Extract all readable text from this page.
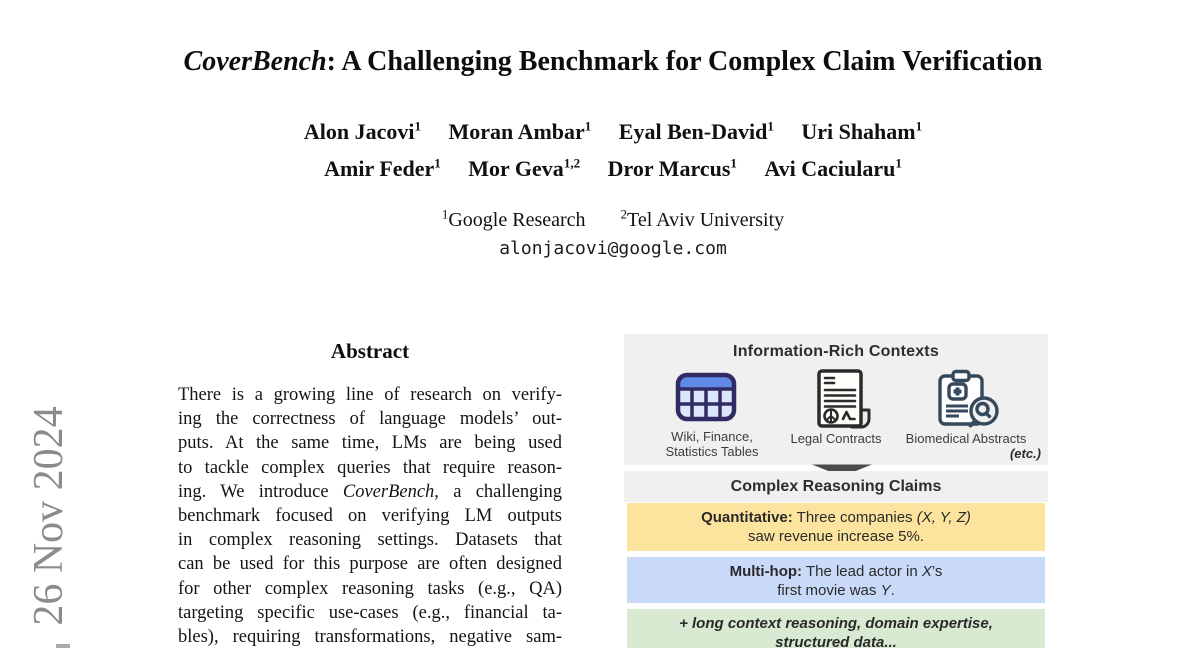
26 Nov 2024
CoverBench: A Challenging Benchmark for Complex Claim Verification
Alon Jacovi$^1$ Moran Ambar$^1$ Eyal Ben-David$^1$ Uri Shaham$^1$
Amir Feder$^1$ Mor Geva$^{1,2}$ Dror Marcus$^1$ Avi Caciularu$^1$
$^1$Google Research	$^2$Tel Aviv University
alonjacovi@google.com
Abstract
There is a growing line of research on verify-
ing the correctness of language models’ out-
puts. At the same time, LMs are being used
to tackle complex queries that require reason-
ing. We introduce CoverBench, a challenging
benchmark focused on verifying LM outputs
in complex reasoning settings. Datasets that
can be used for this purpose are often designed
for other complex reasoning tasks (e.g., QA)
targeting specific use-cases (e.g., financial ta-
bles), requiring transformations, negative sam-
Information-Rich Contexts
Wiki, Finance,
Statistics Tables
Legal Contracts	Biomedical Abstracts
(etc.)
Complex Reasoning Claims
Quantitative: Three companies (X, Y, Z)
saw revenue increase 5%.
Multi-hop: The lead actor in X’s
first movie was Y.
+ long context reasoning, domain expertise,
structured data...
